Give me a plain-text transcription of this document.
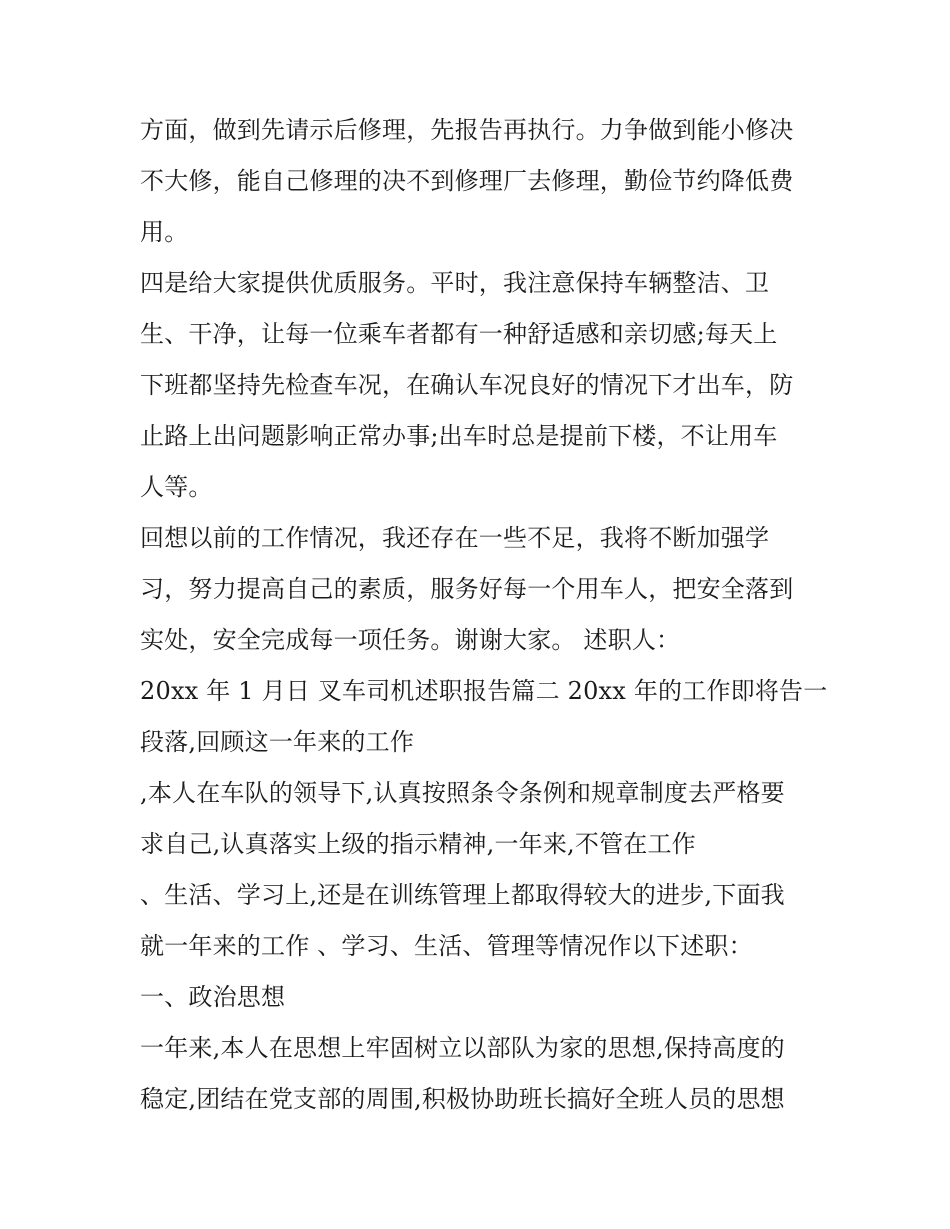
方面，做到先请示后修理，先报告再执行。力争做到能小修决
不大修，能自己修理的决不到修理厂去修理，勤俭节约降低费
用。
四是给大家提供优质服务。平时，我注意保持车辆整洁、卫
生、干净，让每一位乘车者都有一种舒适感和亲切感;每天上
下班都坚持先检查车况，在确认车况良好的情况下才出车，防
止路上出问题影响正常办事;出车时总是提前下楼，不让用车
人等。
回想以前的工作情况，我还存在一些不足，我将不断加强学
习，努力提高自己的素质，服务好每一个用车人，把安全落到
实处，安全完成每一项任务。谢谢大家。 述职人：
20xx 年 1 月日 叉车司机述职报告篇二 20xx 年的工作即将告一
段落,回顾这一年来的工作
,本人在车队的领导下,认真按照条令条例和规章制度去严格要
求自己,认真落实上级的指示精神,一年来,不管在工作
、生活、学习上,还是在训练管理上都取得较大的进步,下面我
就一年来的工作 、学习、生活、管理等情况作以下述职：
一、政治思想
一年来,本人在思想上牢固树立以部队为家的思想,保持高度的
稳定,团结在党支部的周围,积极协助班长搞好全班人员的思想
